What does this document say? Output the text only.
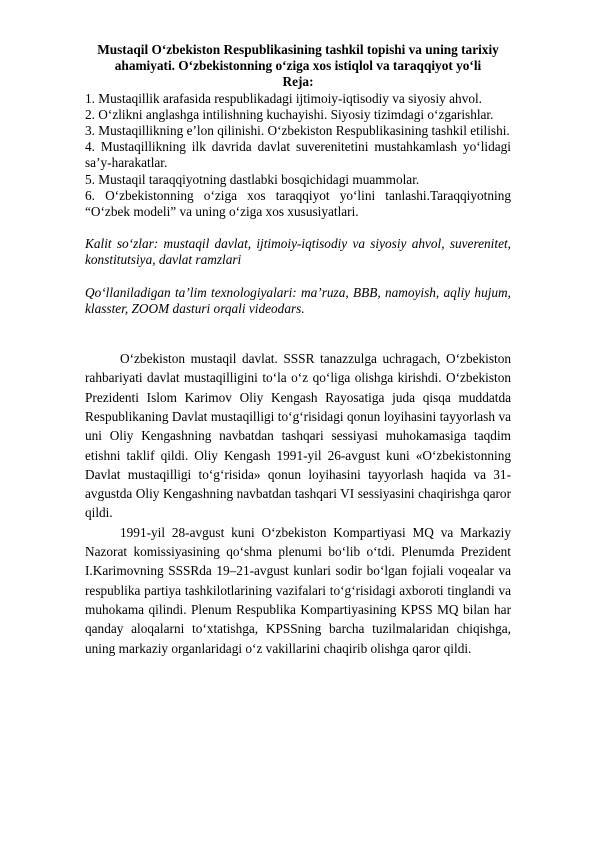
Mustaqil O‘zbekiston Respublikasining tashkil topishi va uning tarixiy ahamiyati. O‘zbekistonning o‘ziga xos istiqlol va taraqqiyot yo‘li
Reja:
1. Mustaqillik arafasida respublikadagi ijtimoiy-iqtisodiy va siyosiy ahvol.
2. O‘zlikni anglashga intilishning kuchayishi. Siyosiy tizimdagi o‘zgarishlar.
3. Mustaqillikning e’lon qilinishi. O‘zbekiston Respublikasining tashkil etilishi.
4. Mustaqillikning ilk davrida davlat suverenitetini mustahkamlash yo‘lidagi sa’y-harakatlar.
5. Mustaqil taraqqiyotning dastlabki bosqichidagi muammolar.
6. O‘zbekistonning o‘ziga xos taraqqiyot yo‘lini tanlashi.Taraqqiyotning “O‘zbek modeli” va uning o‘ziga xos xususiyatlari.
Kalit so‘zlar: mustaqil davlat, ijtimoiy-iqtisodiy va siyosiy ahvol, suverenitet, konstitutsiya, davlat ramzlari
Qo‘llaniladigan ta’lim texnologiyalari: ma’ruza, BBB, namoyish, aqliy hujum, klasster, ZOOM dasturi orqali videodars.

O‘zbekiston mustaqil davlat. SSSR tanazzulga uchragach, O‘zbekiston rahbariyati davlat mustaqilligini to‘la o‘z qo‘liga olishga kirishdi. O‘zbekiston Prezidenti Islom Karimov Oliy Kengash Rayosatiga juda qisqa muddatda Respublikaning Davlat mustaqilligi to‘g‘risidagi qonun loyihasini tayyorlash va uni Oliy Kengashning navbatdan tashqari sessiyasi muhokamasiga taqdim etishni taklif qildi. Oliy Kengash 1991-yil 26-avgust kuni «O‘zbekistonning Davlat mustaqilligi to‘g‘risida» qonun loyihasini tayyorlash haqida va 31-avgustda Oliy Kengashning navbatdan tashqari VI sessiyasini chaqirishga qaror qildi.

1991-yil 28-avgust kuni O‘zbekiston Kompartiyasi MQ va Markaziy Nazorat komissiyasining qo‘shma plenumi bo‘lib o‘tdi. Plenumda Prezident I.Karimovning SSSRda 19–21-avgust kunlari sodir bo‘lgan fojiali voqealar va respublika partiya tashkilotlarining vazifalari to‘g‘risidagi axboroti tinglandi va muhokama qilindi. Plenum Respublika Kompartiyasining KPSS MQ bilan har qanday aloqalarni to‘xtatishga, KPSSning barcha tuzilmalaridan chiqishga, uning markaziy organlaridagi o‘z vakillarini chaqirib olishga qaror qildi.
